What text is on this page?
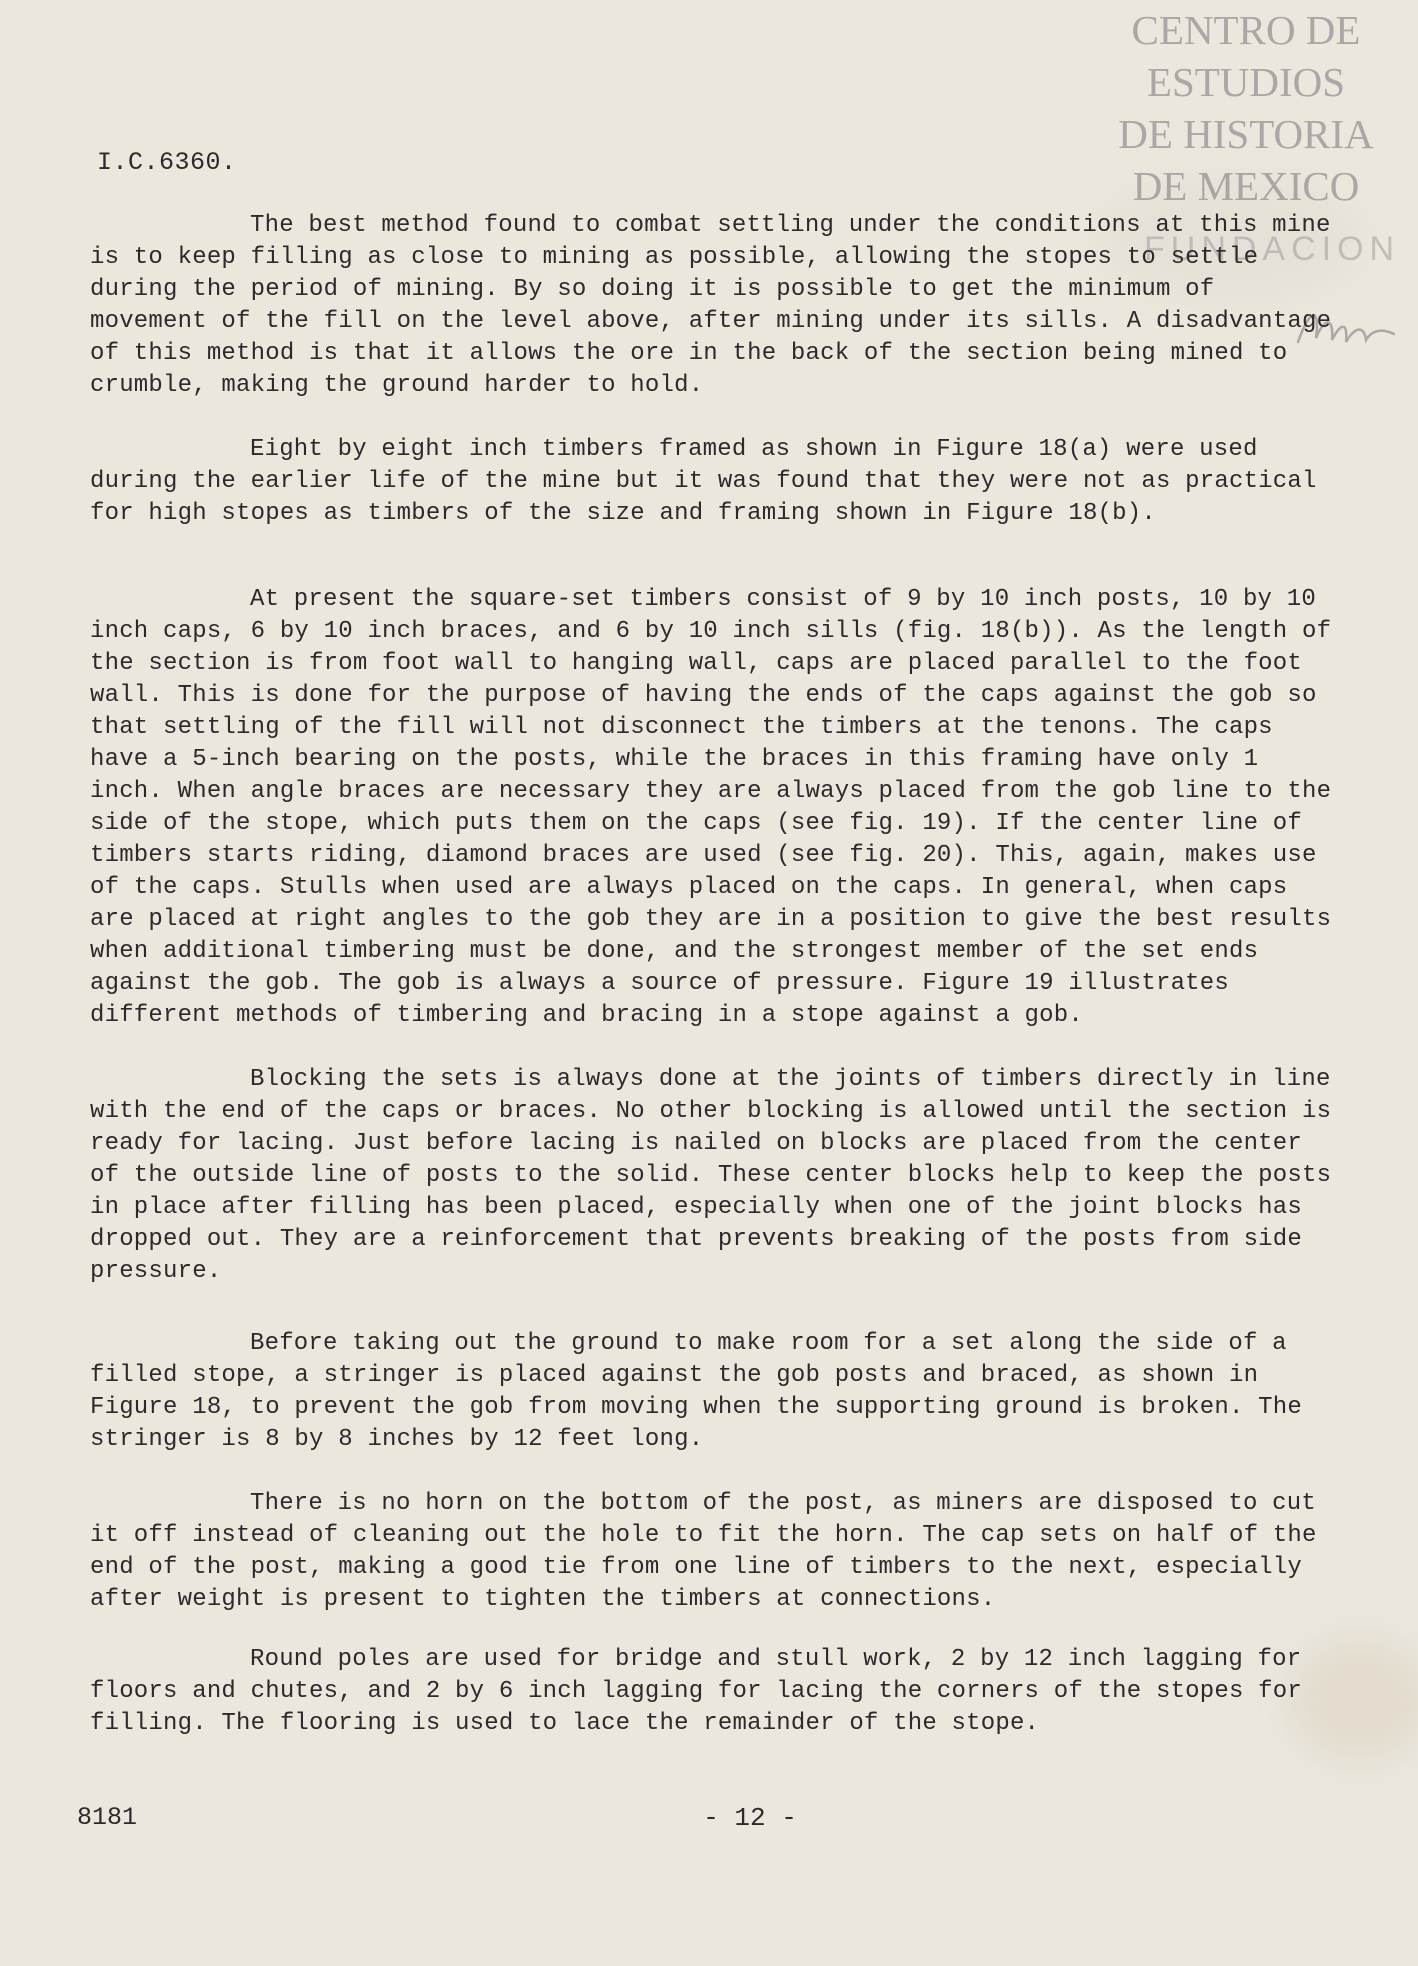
CENTRO DE
ESTUDIOS
DE HISTORIA
DE MEXICO
FUNDACION
I.C.6360.

The best method found to combat settling under the conditions at this mine is to keep filling as close to mining as possible, allowing the stopes to settle during the period of mining. By so doing it is possible to get the minimum of movement of the fill on the level above, after mining under its sills. A disadvantage of this method is that it allows the ore in the back of the section being mined to crumble, making the ground harder to hold.

Eight by eight inch timbers framed as shown in Figure 18(a) were used during the earlier life of the mine but it was found that they were not as practical for high stopes as timbers of the size and framing shown in Figure 18(b).

At present the square-set timbers consist of 9 by 10 inch posts, 10 by 10 inch caps, 6 by 10 inch braces, and 6 by 10 inch sills (fig. 18(b)). As the length of the section is from foot wall to hanging wall, caps are placed parallel to the foot wall. This is done for the purpose of having the ends of the caps against the gob so that settling of the fill will not disconnect the timbers at the tenons. The caps have a 5-inch bearing on the posts, while the braces in this framing have only 1 inch. When angle braces are necessary they are always placed from the gob line to the side of the stope, which puts them on the caps (see fig. 19). If the center line of timbers starts riding, diamond braces are used (see fig. 20). This, again, makes use of the caps. Stulls when used are always placed on the caps. In general, when caps are placed at right angles to the gob they are in a position to give the best results when additional timbering must be done, and the strongest member of the set ends against the gob. The gob is always a source of pressure. Figure 19 illustrates different methods of timbering and bracing in a stope against a gob.

Blocking the sets is always done at the joints of timbers directly in line with the end of the caps or braces. No other blocking is allowed until the section is ready for lacing. Just before lacing is nailed on blocks are placed from the center of the outside line of posts to the solid. These center blocks help to keep the posts in place after filling has been placed, especially when one of the joint blocks has dropped out. They are a reinforcement that prevents breaking of the posts from side pressure.

Before taking out the ground to make room for a set along the side of a filled stope, a stringer is placed against the gob posts and braced, as shown in Figure 18, to prevent the gob from moving when the supporting ground is broken. The stringer is 8 by 8 inches by 12 feet long.

There is no horn on the bottom of the post, as miners are disposed to cut it off instead of cleaning out the hole to fit the horn. The cap sets on half of the end of the post, making a good tie from one line of timbers to the next, especially after weight is present to tighten the timbers at connections.

Round poles are used for bridge and stull work, 2 by 12 inch lagging for floors and chutes, and 2 by 6 inch lagging for lacing the corners of the stopes for filling. The flooring is used to lace the remainder of the stope.

8181	- 12 -
